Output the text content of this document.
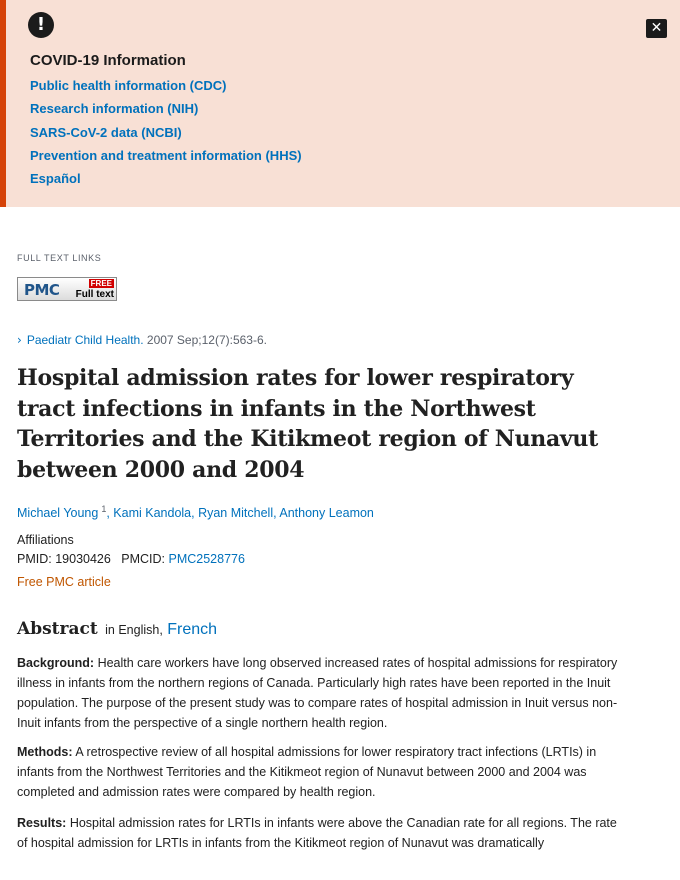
!	✕
COVID-19 Information
Public health information (CDC)
Research information (NIH)
SARS-CoV-2 data (NCBI)
Prevention and treatment information (HHS)
Español
FULL TEXT LINKS
PMC	FREE
Full text
› Paediatr Child Health. 2007 Sep;12(7):563-6.
Hospital admission rates for lower respiratory tract infections in infants in the Northwest Territories and the Kitikmeot region of Nunavut between 2000 and 2004
Michael Young $^1$, Kami Kandola, Ryan Mitchell, Anthony Leamon
Affiliations
PMID: 19030426 PMCID: PMC2528776
Free PMC article
Abstract in English, French

Background: Health care workers have long observed increased rates of hospital admissions for respiratory illness in infants from the northern regions of Canada. Particularly high rates have been reported in the Inuit population. The purpose of the present study was to compare rates of hospital admission in Inuit versus non-Inuit infants from the perspective of a single northern health region.

Methods: A retrospective review of all hospital admissions for lower respiratory tract infections (LRTIs) in infants from the Northwest Territories and the Kitikmeot region of Nunavut between 2000 and 2004 was completed and admission rates were compared by health region.

Results: Hospital admission rates for LRTIs in infants were above the Canadian rate for all regions. The rate of hospital admission for LRTIs in infants from the Kitikmeot region of Nunavut was dramatically
